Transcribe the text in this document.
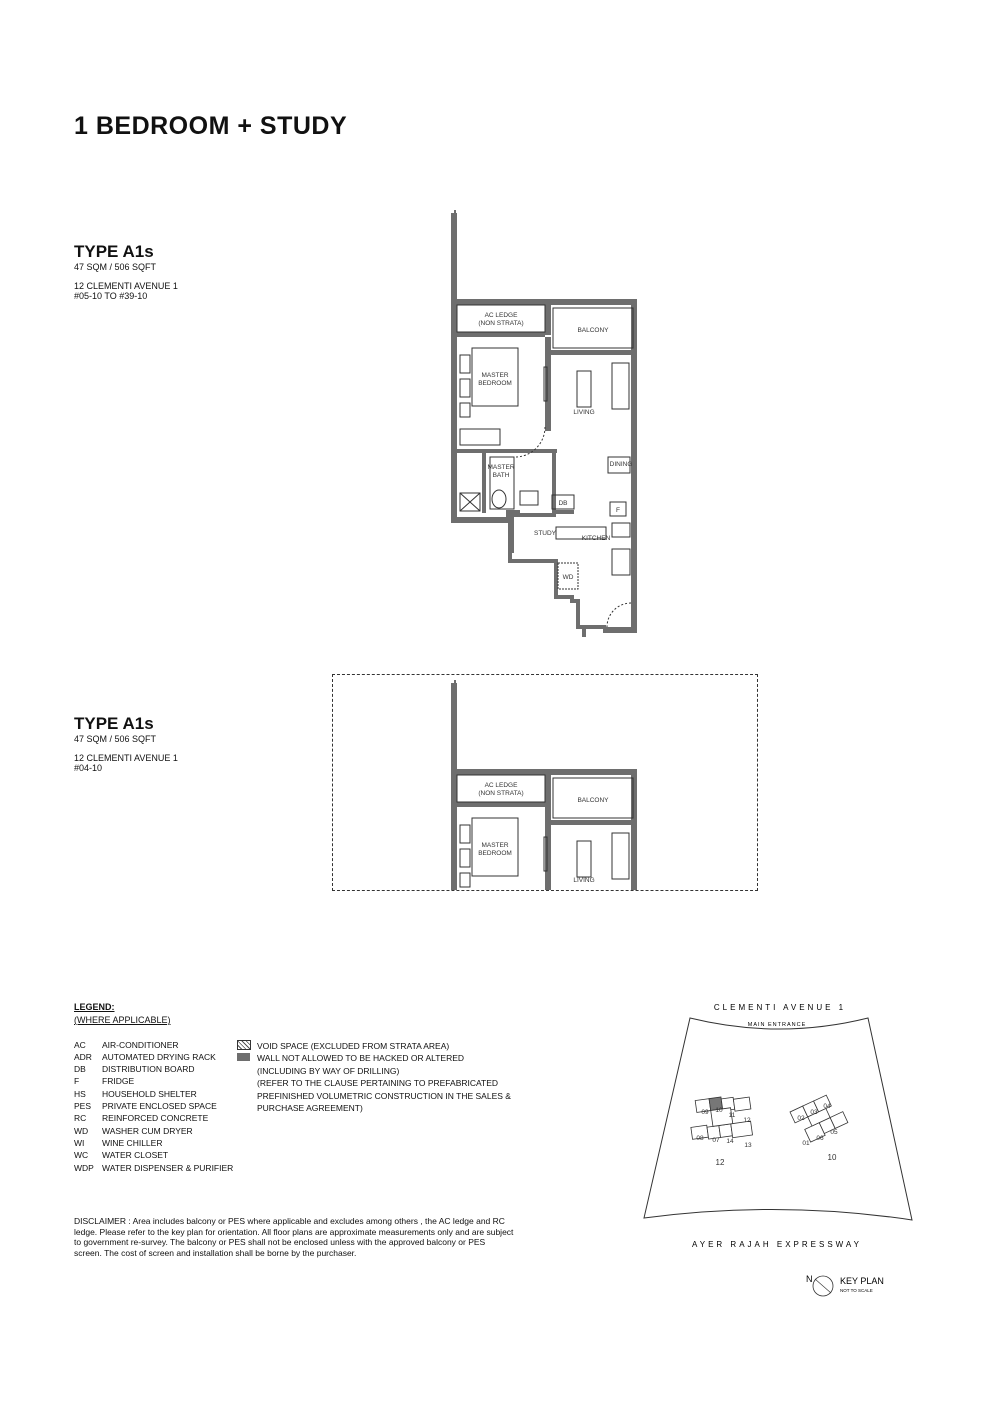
1 BEDROOM + STUDY
TYPE A1s
47 SQM / 506 SQFT
12 CLEMENTI AVENUE 1
#05-10 TO #39-10
TYPE A1s
47 SQM / 506 SQFT
12 CLEMENTI AVENUE 1
#04-10
AC LEDGE
(NON STRATA)
BALCONY
MASTER
BEDROOM
LIVING
DINING
MASTER
BATH
DB
STUDY
KITCHEN
WD
F
AC LEDGE
(NON STRATA)
BALCONY
MASTER
BEDROOM
LIVING
LEGEND:
(WHERE APPLICABLE)
AC AIR-CONDITIONER
ADR AUTOMATED DRYING RACK
DB DISTRIBUTION BOARD
F	FRIDGE
HS HOUSEHOLD SHELTER
PES PRIVATE ENCLOSED SPACE
RC REINFORCED CONCRETE
WD WASHER CUM DRYER
WI WINE CHILLER
WC WATER CLOSET
WDP WATER DISPENSER & PURIFIER
VOID SPACE (EXCLUDED FROM STRATA AREA)
WALL NOT ALLOWED TO BE HACKED OR ALTERED
(INCLUDING BY WAY OF DRILLING)
(REFER TO THE CLAUSE PERTAINING TO PREFABRICATED
PREFINISHED VOLUMETRIC CONSTRUCTION IN THE SALES &
PURCHASE AGREEMENT)
DISCLAIMER : Area includes balcony or PES where applicable and excludes among others , the AC ledge and RC ledge. Please refer to the key plan for orientation. All floor plans are approximate measurements only and are subject to government re-survey. The balcony or PES shall not be enclosed unless with the approved balcony or PES screen. The cost of screen and installation shall be borne by the purchaser.
CLEMENTI AVENUE 1
MAIN ENTRANCE
AYER RAJAH EXPRESSWAY
09 10
11
12
08 07 14
13
12
02
03
04
01
06
05
10
N	KEY PLAN
NOT TO SCALE
